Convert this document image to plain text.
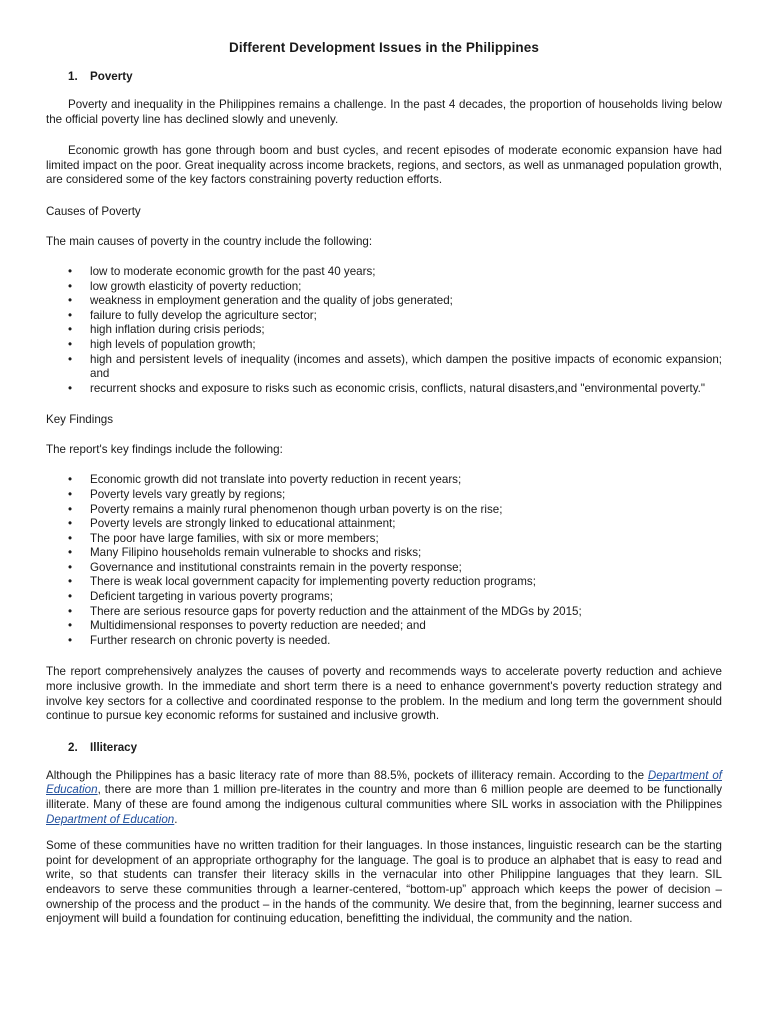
Different Development Issues in the Philippines
1. Poverty

Poverty and inequality in the Philippines remains a challenge. In the past 4 decades, the proportion of households living below the official poverty line has declined slowly and unevenly.

Economic growth has gone through boom and bust cycles, and recent episodes of moderate economic expansion have had limited impact on the poor. Great inequality across income brackets, regions, and sectors, as well as unmanaged population growth, are considered some of the key factors constraining poverty reduction efforts.

Causes of Poverty
The main causes of poverty in the country include the following:
• low to moderate economic growth for the past 40 years;
• low growth elasticity of poverty reduction;
• weakness in employment generation and the quality of jobs generated;
• failure to fully develop the agriculture sector;
• high inflation during crisis periods;
• high levels of population growth;
• high and persistent levels of inequality (incomes and assets), which dampen the positive impacts of economic expansion; and
• recurrent shocks and exposure to risks such as economic crisis, conflicts, natural disasters,and "environmental poverty."
Key Findings
The report's key findings include the following:
• Economic growth did not translate into poverty reduction in recent years;
• Poverty levels vary greatly by regions;
• Poverty remains a mainly rural phenomenon though urban poverty is on the rise;
• Poverty levels are strongly linked to educational attainment;
• The poor have large families, with six or more members;
• Many Filipino households remain vulnerable to shocks and risks;
• Governance and institutional constraints remain in the poverty response;
• There is weak local government capacity for implementing poverty reduction programs;
• Deficient targeting in various poverty programs;
• There are serious resource gaps for poverty reduction and the attainment of the MDGs by 2015;
• Multidimensional responses to poverty reduction are needed; and
• Further research on chronic poverty is needed.

The report comprehensively analyzes the causes of poverty and recommends ways to accelerate poverty reduction and achieve more inclusive growth. In the immediate and short term there is a need to enhance government's poverty reduction strategy and involve key sectors for a collective and coordinated response to the problem. In the medium and long term the government should continue to pursue key economic reforms for sustained and inclusive growth.

2. Illiteracy

Although the Philippines has a basic literacy rate of more than 88.5%, pockets of illiteracy remain. According to the Department of Education, there are more than 1 million pre-literates in the country and more than 6 million people are deemed to be functionally illiterate. Many of these are found among the indigenous cultural communities where SIL works in association with the Philippines Department of Education.

Some of these communities have no written tradition for their languages. In those instances, linguistic research can be the starting point for development of an appropriate orthography for the language. The goal is to produce an alphabet that is easy to read and write, so that students can transfer their literacy skills in the vernacular into other Philippine languages that they learn. SIL endeavors to serve these communities through a learner-centered, “bottom-up” approach which keeps the power of decision – ownership of the process and the product – in the hands of the community. We desire that, from the beginning, learner success and enjoyment will build a foundation for continuing education, benefitting the individual, the community and the nation.
